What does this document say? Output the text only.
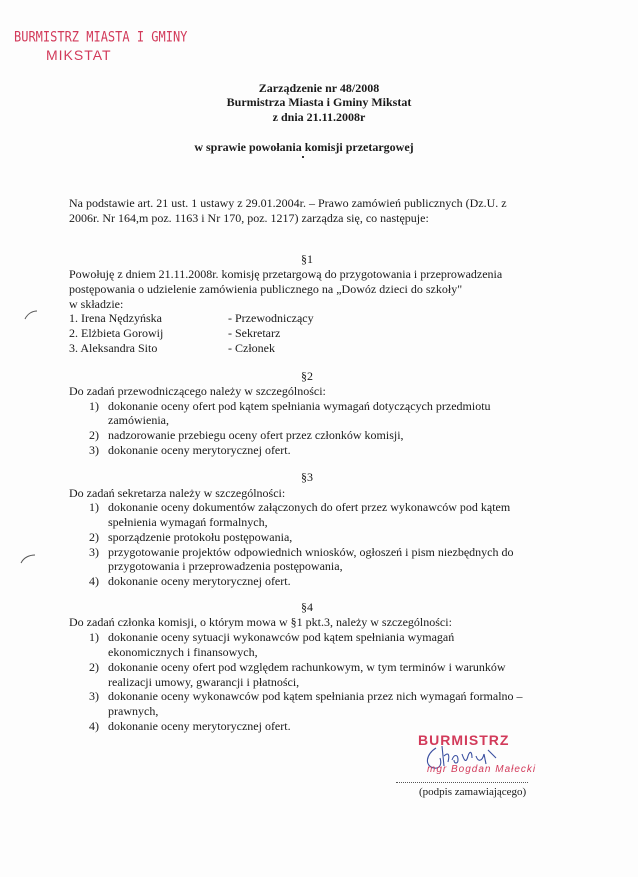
BURMISTRZ MIASTA I GMINY
MIKSTAT
Zarządzenie nr 48/2008
Burmistrza Miasta i Gminy Mikstat
z dnia 21.11.2008r
w sprawie powołania komisji przetargowej
Na podstawie art. 21 ust. 1 ustawy z 29.01.2004r. – Prawo zamówień publicznych (Dz.U. z
2006r. Nr 164,m poz. 1163 i Nr 170, poz. 1217) zarządza się, co następuje:
§1
Powołuję z dniem 21.11.2008r. komisję przetargową do przygotowania i przeprowadzenia
postępowania o udzielenie zamówienia publicznego na „Dowóz dzieci do szkoły"
w składzie:
1. Irena Nędzyńska	- Przewodniczący
2. Elżbieta Gorowij	- Sekretarz
3. Aleksandra Sito	- Członek
§2
Do zadań przewodniczącego należy w szczególności:
1) dokonanie oceny ofert pod kątem spełniania wymagań dotyczących przedmiotu
zamówienia,
2) nadzorowanie przebiegu oceny ofert przez członków komisji,
3) dokonanie oceny merytorycznej ofert.
§3
Do zadań sekretarza należy w szczególności:
1) dokonanie oceny dokumentów załączonych do ofert przez wykonawców pod kątem
spełnienia wymagań formalnych,
2) sporządzenie protokołu postępowania,
3) przygotowanie projektów odpowiednich wniosków, ogłoszeń i pism niezbędnych do
przygotowania i przeprowadzenia postępowania,
4) dokonanie oceny merytorycznej ofert.
§4
Do zadań członka komisji, o którym mowa w §1 pkt.3, należy w szczególności:
1) dokonanie oceny sytuacji wykonawców pod kątem spełniania wymagań
ekonomicznych i finansowych,
2) dokonanie oceny ofert pod względem rachunkowym, w tym terminów i warunków
realizacji umowy, gwarancji i płatności,
3) dokonanie oceny wykonawców pod kątem spełniania przez nich wymagań formalno –
prawnych,
4) dokonanie oceny merytorycznej ofert.
BURMISTRZ
mgr Bogdan Małecki
(podpis zamawiającego)
